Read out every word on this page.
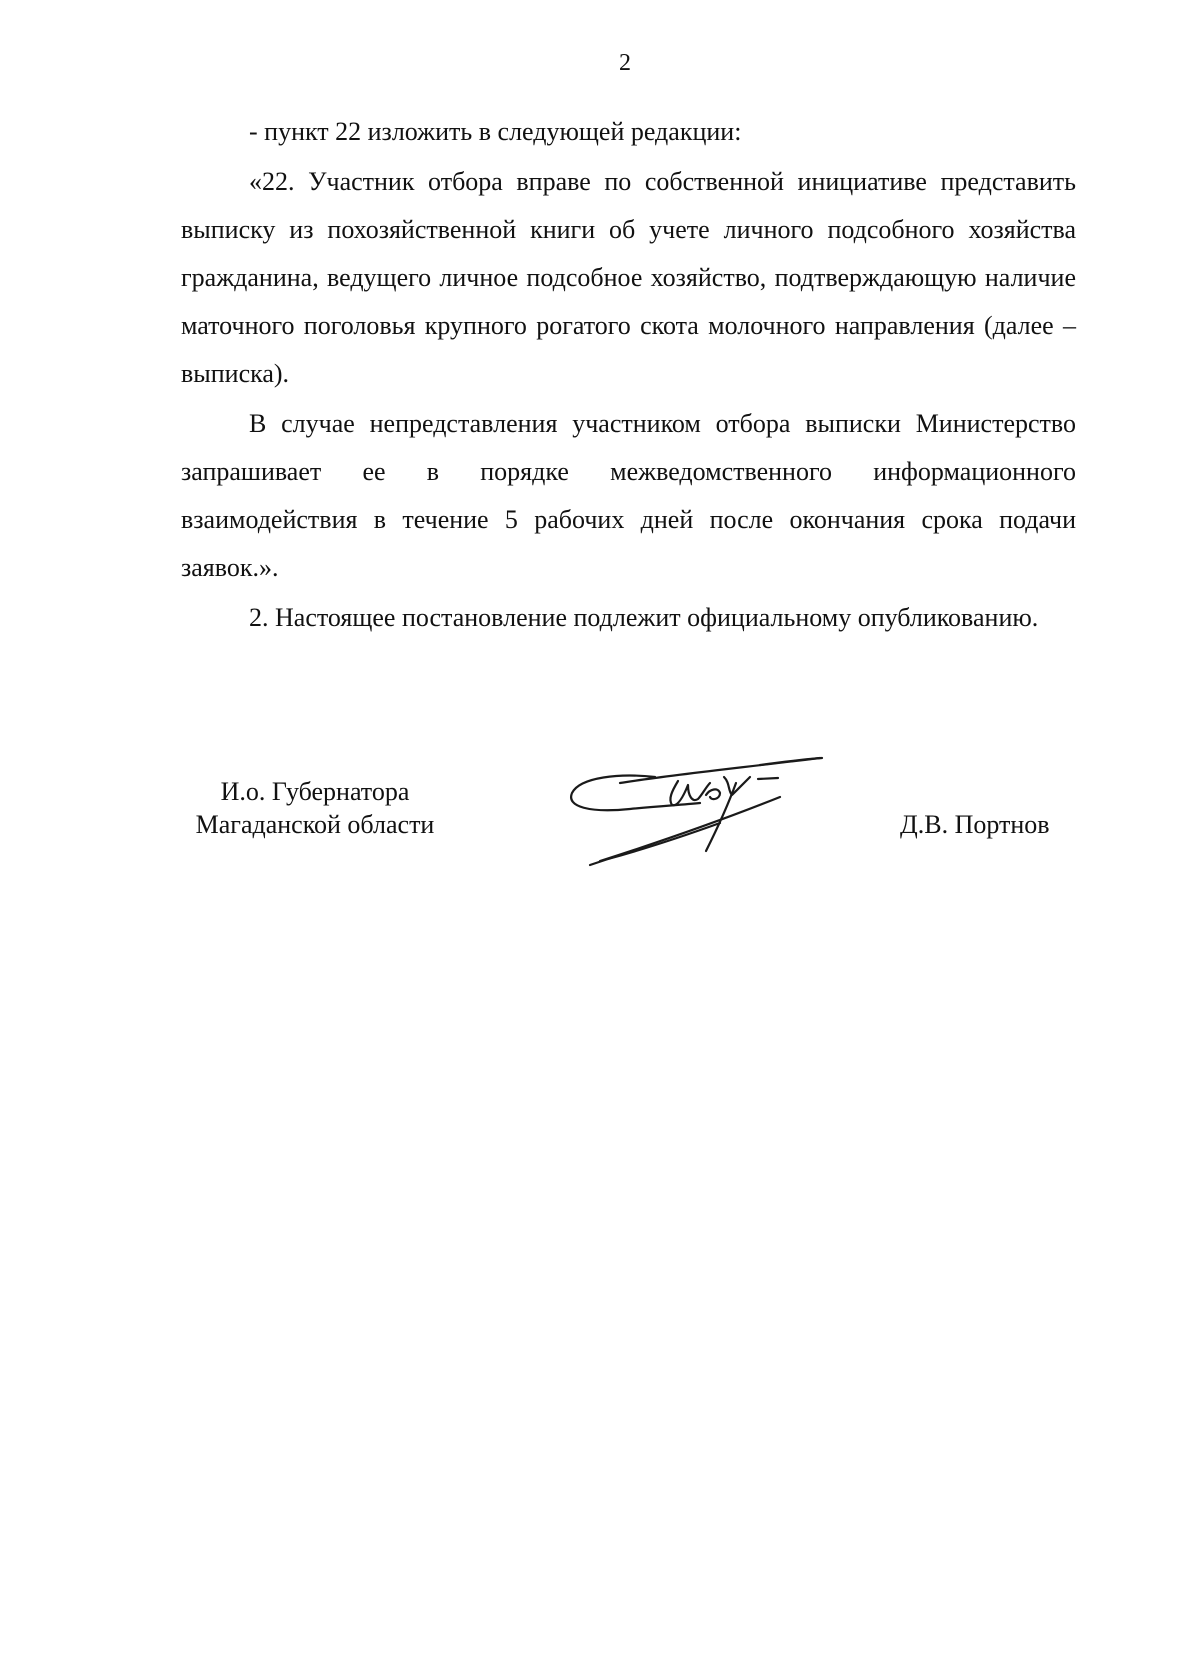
2

- пункт 22 изложить в следующей редакции:

«22. Участник отбора вправе по собственной инициативе представить выписку из похозяйственной книги об учете личного подсобного хозяйства гражданина, ведущего личное подсобное хозяйство, подтверждающую наличие маточного поголовья крупного рогатого скота молочного направления (далее – выписка).

В случае непредставления участником отбора выписки Министерство запрашивает ее в порядке межведомственного информационного взаимодействия в течение 5 рабочих дней после окончания срока подачи заявок.».

2. Настоящее постановление подлежит официальному опубликованию.

И.о. Губернатора
Магаданской области	Д.В. Портнов
